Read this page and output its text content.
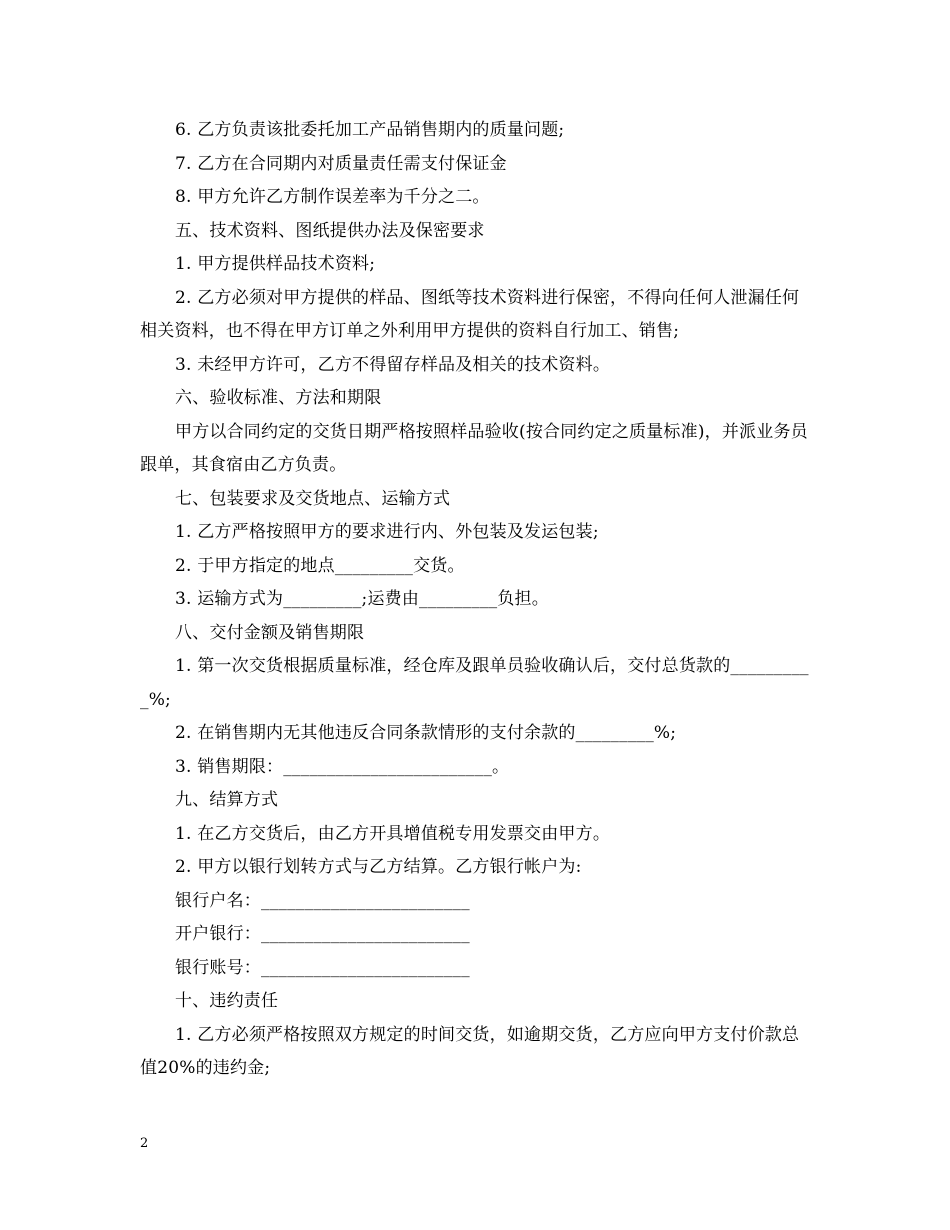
6. 乙方负责该批委托加工产品销售期内的质量问题;

7. 乙方在合同期内对质量责任需支付保证金

8. 甲方允许乙方制作误差率为千分之二。

五、技术资料、图纸提供办法及保密要求

1. 甲方提供样品技术资料;

2. 乙方必须对甲方提供的样品、图纸等技术资料进行保密，不得向任何人泄漏任何相关资料，也不得在甲方订单之外利用甲方提供的资料自行加工、销售;

3. 未经甲方许可，乙方不得留存样品及相关的技术资料。

六、验收标准、方法和期限

甲方以合同约定的交货日期严格按照样品验收(按合同约定之质量标准)，并派业务员跟单，其食宿由乙方负责。

七、包装要求及交货地点、运输方式

1. 乙方严格按照甲方的要求进行内、外包装及发运包装;

2. 于甲方指定的地点_________交货。

3. 运输方式为_________;运费由_________负担。

八、交付金额及销售期限

1. 第一次交货根据质量标准，经仓库及跟单员验收确认后，交付总货款的__________%;

2. 在销售期内无其他违反合同条款情形的支付余款的_________%;

3. 销售期限：________________________。

九、结算方式

1. 在乙方交货后，由乙方开具增值税专用发票交由甲方。

2. 甲方以银行划转方式与乙方结算。乙方银行帐户为:

银行户名：________________________

开户银行：________________________

银行账号：________________________

十、违约责任

1. 乙方必须严格按照双方规定的时间交货，如逾期交货，乙方应向甲方支付价款总值20%的违约金;

2
